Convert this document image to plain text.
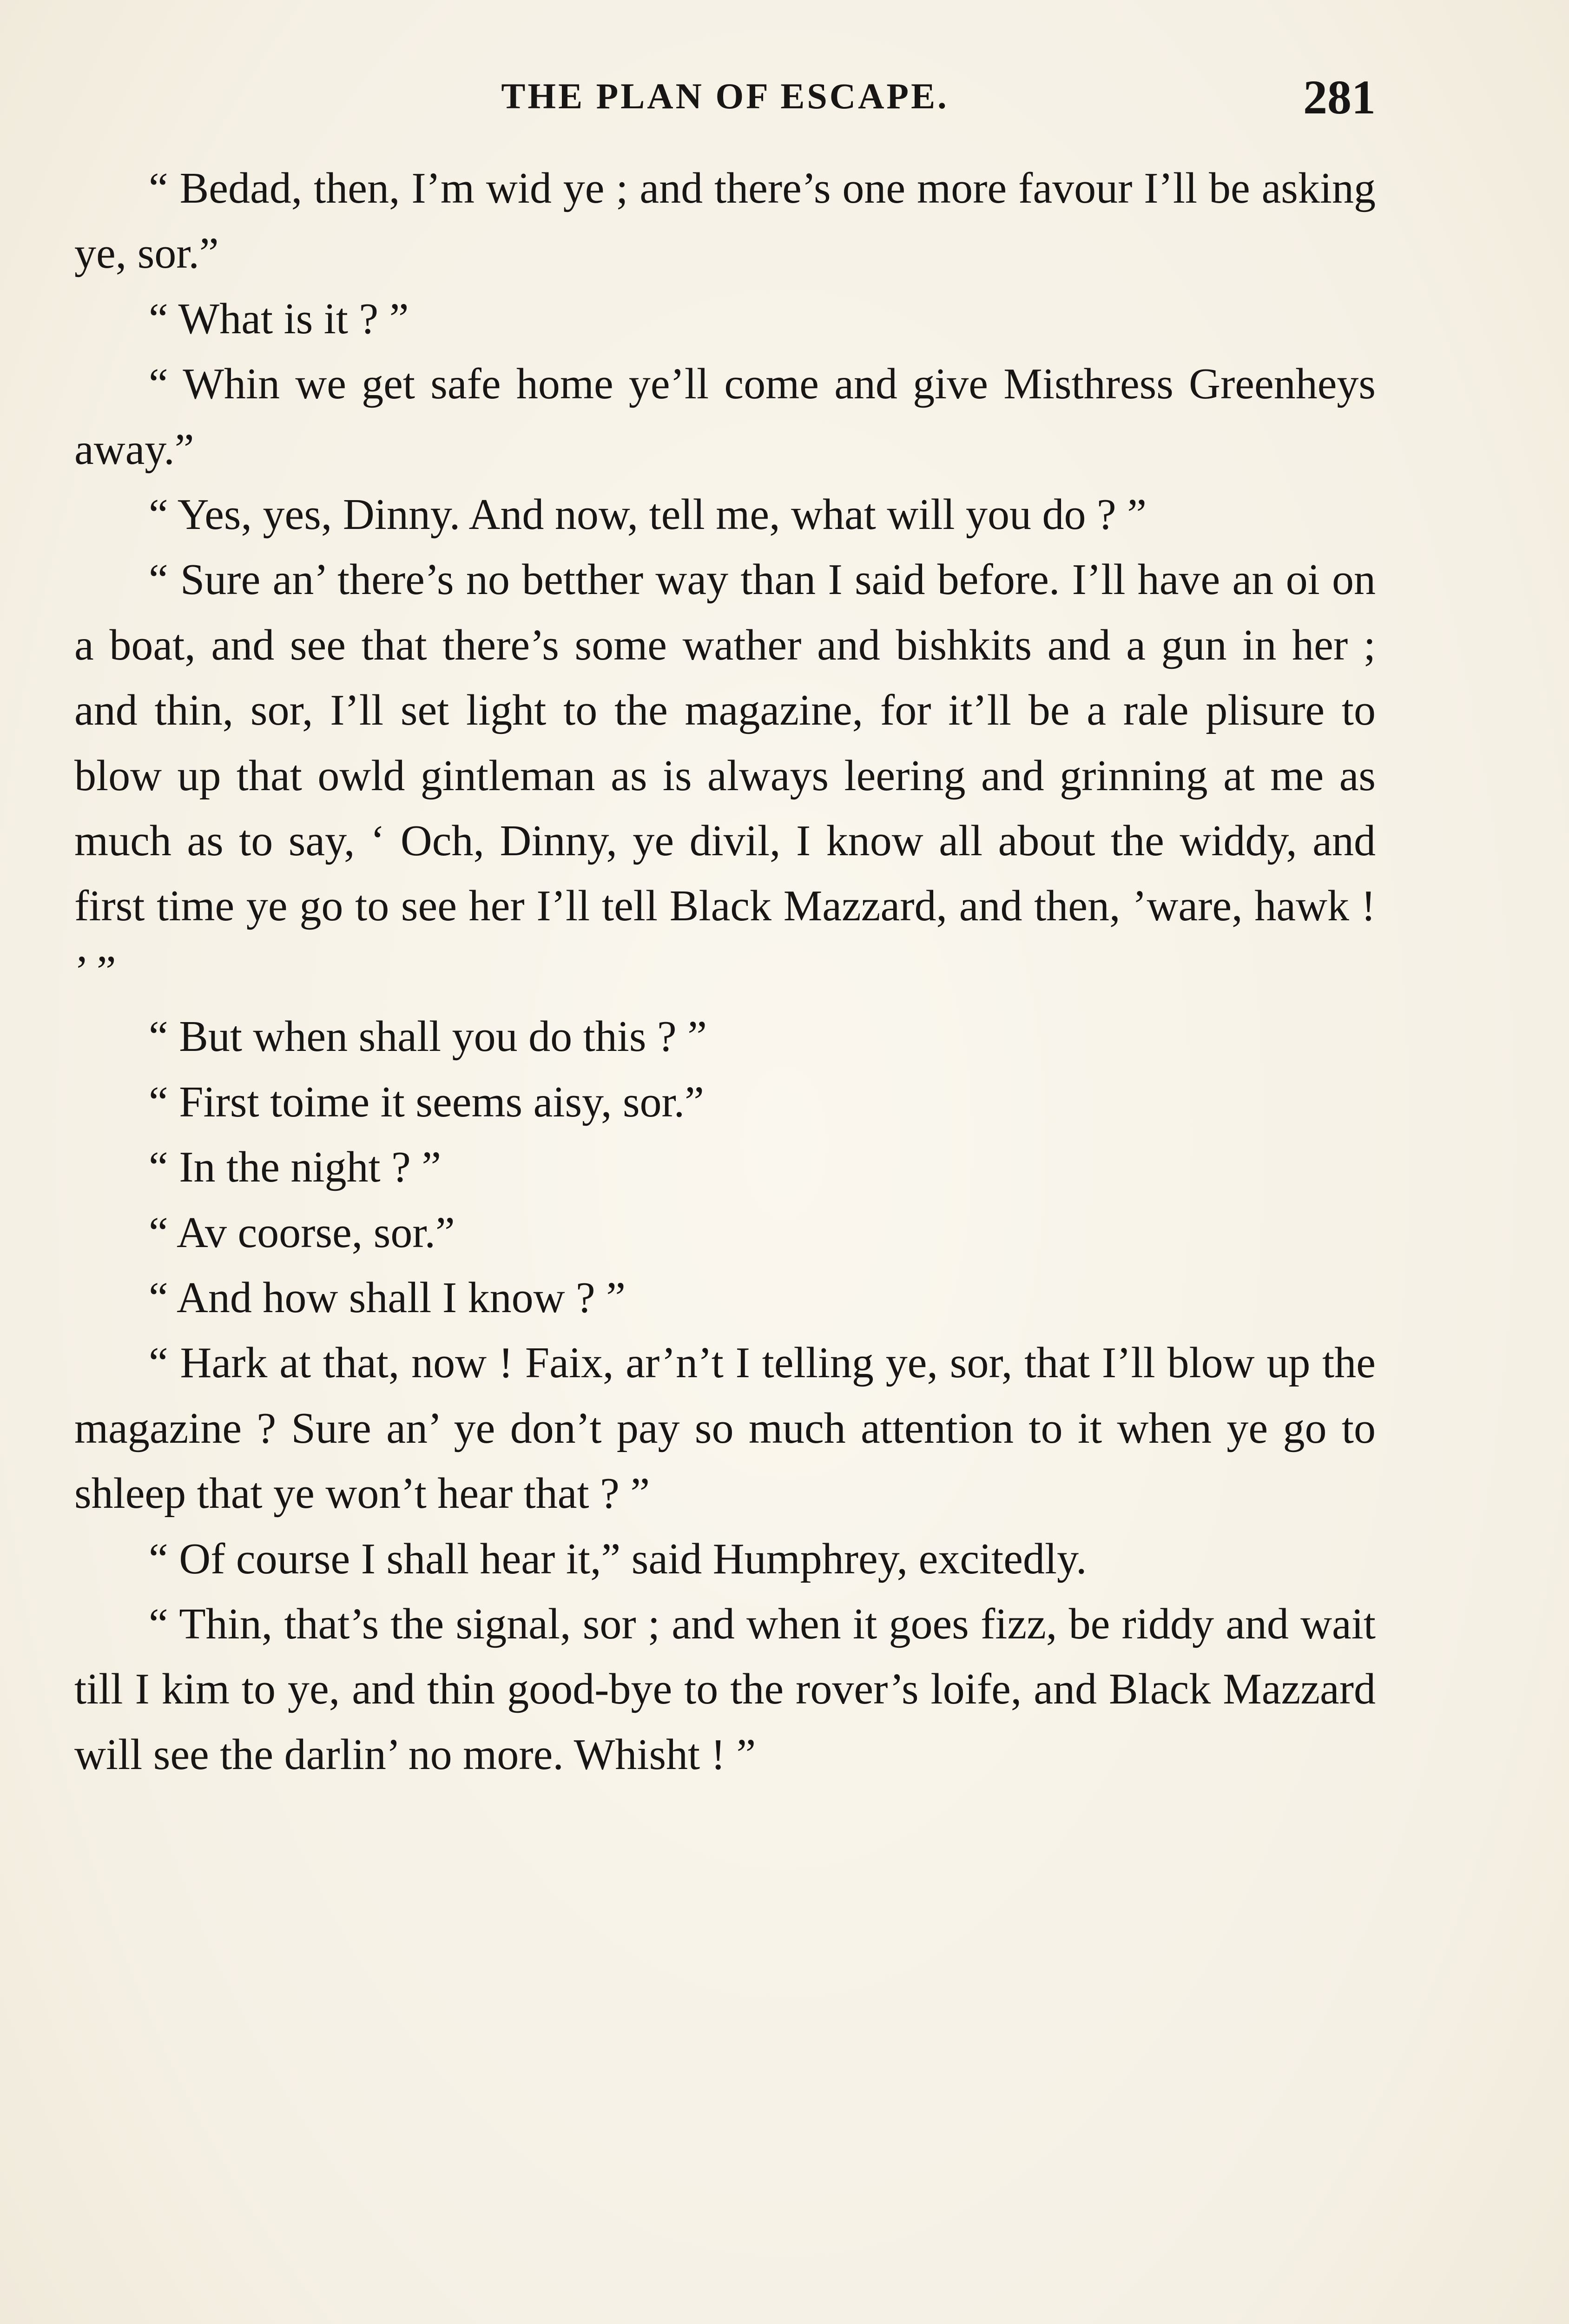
THE PLAN OF ESCAPE.	281

“ Bedad, then, I’m wid ye ; and there’s one more favour I’ll be asking ye, sor.”

“ What is it ? ”

“ Whin we get safe home ye’ll come and give Misthress Greenheys away.”

“ Yes, yes, Dinny. And now, tell me, what will you do ? ”

“ Sure an’ there’s no betther way than I said before. I’ll have an oi on a boat, and see that there’s some wather and bishkits and a gun in her ; and thin, sor, I’ll set light to the magazine, for it’ll be a rale plisure to blow up that owld gintleman as is always leering and grinning at me as much as to say, ‘ Och, Dinny, ye divil, I know all about the widdy, and first time ye go to see her I’ll tell Black Mazzard, and then, ’ware, hawk ! ’ ”

“ But when shall you do this ? ”

“ First toime it seems aisy, sor.”

“ In the night ? ”

“ Av coorse, sor.”

“ And how shall I know ? ”

“ Hark at that, now ! Faix, ar’n’t I telling ye, sor, that I’ll blow up the magazine ? Sure an’ ye don’t pay so much attention to it when ye go to shleep that ye won’t hear that ? ”

“ Of course I shall hear it,” said Humphrey, excitedly.

“ Thin, that’s the signal, sor ; and when it goes fizz, be riddy and wait till I kim to ye, and thin good-bye to the rover’s loife, and Black Mazzard will see the darlin’ no more. Whisht ! ”
